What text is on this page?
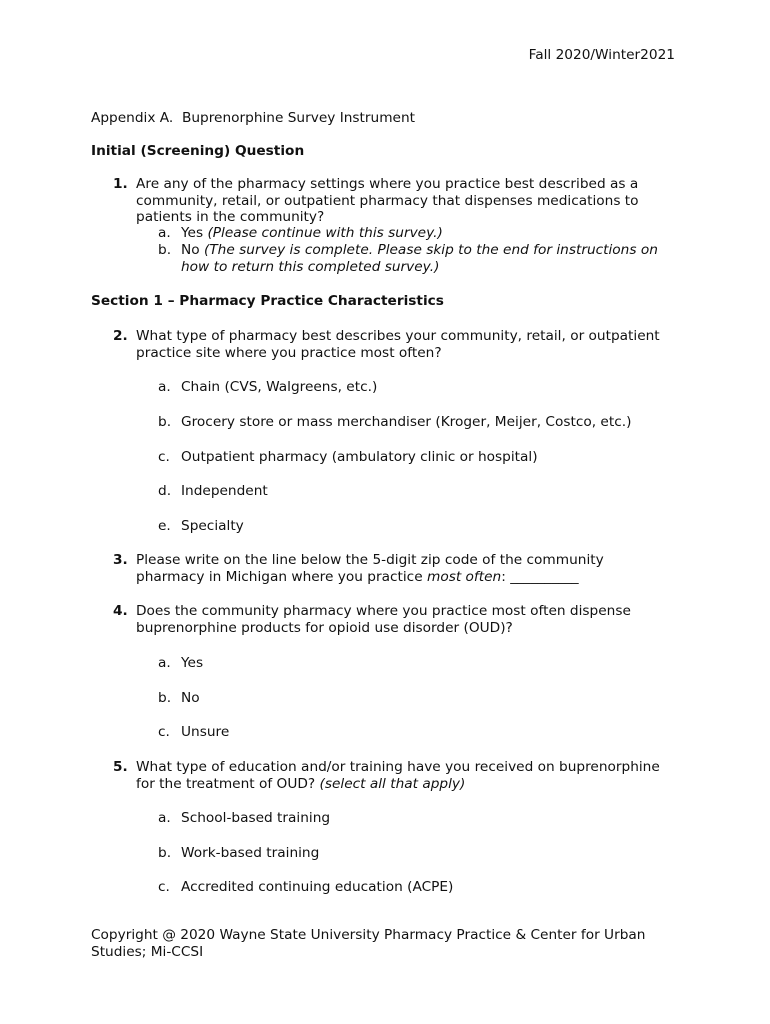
Fall 2020/Winter2021
Appendix A.  Buprenorphine Survey Instrument
Initial (Screening) Question
1. Are any of the pharmacy settings where you practice best described as a
community, retail, or outpatient pharmacy that dispenses medications to
patients in the community?
a. Yes (Please continue with this survey.)
b. No (The survey is complete. Please skip to the end for instructions on
how to return this completed survey.)
Section 1 – Pharmacy Practice Characteristics
2. What type of pharmacy best describes your community, retail, or outpatient
practice site where you practice most often?
a. Chain (CVS, Walgreens, etc.)
b. Grocery store or mass merchandiser (Kroger, Meijer, Costco, etc.)
c. Outpatient pharmacy (ambulatory clinic or hospital)
d. Independent
e. Specialty
3. Please write on the line below the 5-digit zip code of the community
pharmacy in Michigan where you practice most often: __________
4. Does the community pharmacy where you practice most often dispense
buprenorphine products for opioid use disorder (OUD)?
a. Yes
b. No
c. Unsure
5. What type of education and/or training have you received on buprenorphine
for the treatment of OUD? (select all that apply)
a. School-based training
b. Work-based training
c. Accredited continuing education (ACPE)
Copyright @ 2020 Wayne State University Pharmacy Practice & Center for Urban
Studies; Mi-CCSI
